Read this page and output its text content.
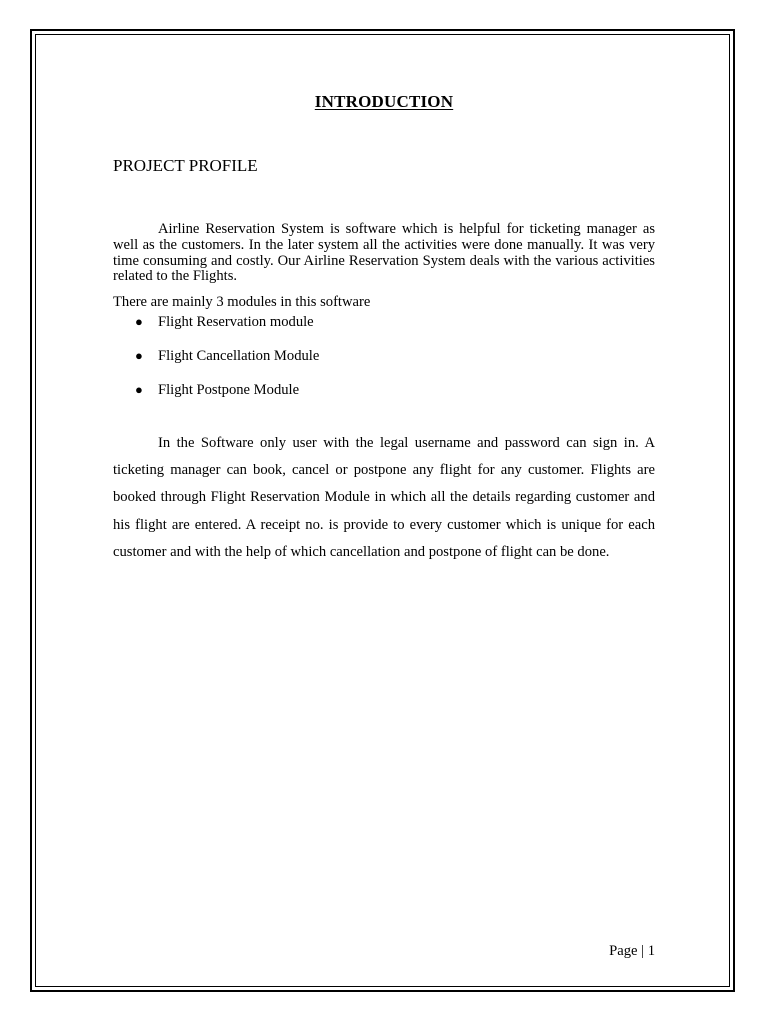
INTRODUCTION
PROJECT PROFILE

Airline Reservation System is software which is helpful for ticketing manager as well as the customers. In the later system all the activities were done manually. It was very time consuming and costly. Our Airline Reservation System deals with the various activities related to the Flights.

There are mainly 3 modules in this software

● Flight Reservation module
● Flight Cancellation Module
● Flight Postpone Module

In the Software only user with the legal username and password can sign in. A ticketing manager can book, cancel or postpone any flight for any customer. Flights are booked through Flight Reservation Module in which all the details regarding customer and his flight are entered. A receipt no. is provide to every customer which is unique for each customer and with the help of which cancellation and postpone of flight can be done.

Page | 1
